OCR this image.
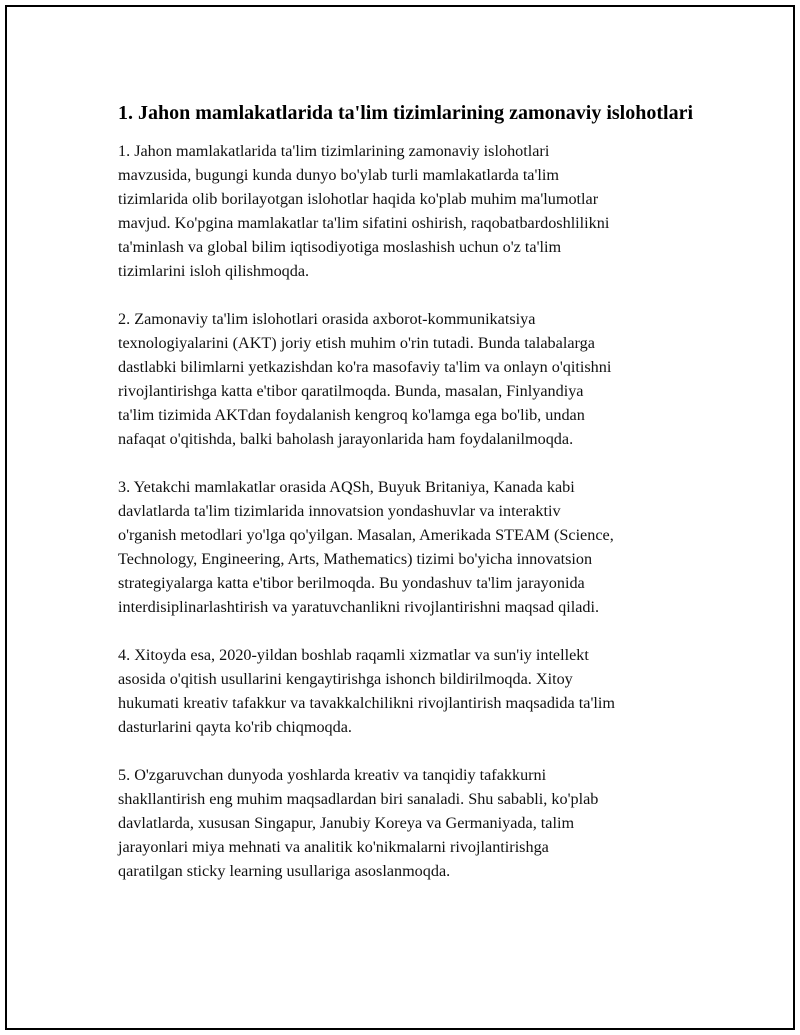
1. Jahon mamlakatlarida ta'lim tizimlarining zamonaviy islohotlari

1. Jahon mamlakatlarida ta'lim tizimlarining zamonaviy islohotlari
mavzusida, bugungi kunda dunyo bo'ylab turli mamlakatlarda ta'lim
tizimlarida olib borilayotgan islohotlar haqida ko'plab muhim ma'lumotlar
mavjud. Ko'pgina mamlakatlar ta'lim sifatini oshirish, raqobatbardoshlilikni
ta'minlash va global bilim iqtisodiyotiga moslashish uchun o'z ta'lim
tizimlarini isloh qilishmoqda.

2. Zamonaviy ta'lim islohotlari orasida axborot-kommunikatsiya
texnologiyalarini (AKT) joriy etish muhim o'rin tutadi. Bunda talabalarga
dastlabki bilimlarni yetkazishdan ko'ra masofaviy ta'lim va onlayn o'qitishni
rivojlantirishga katta e'tibor qaratilmoqda. Bunda, masalan, Finlyandiya
ta'lim tizimida AKTdan foydalanish kengroq ko'lamga ega bo'lib, undan
nafaqat o'qitishda, balki baholash jarayonlarida ham foydalanilmoqda.

3. Yetakchi mamlakatlar orasida AQSh, Buyuk Britaniya, Kanada kabi
davlatlarda ta'lim tizimlarida innovatsion yondashuvlar va interaktiv
o'rganish metodlari yo'lga qo'yilgan. Masalan, Amerikada STEAM (Science,
Technology, Engineering, Arts, Mathematics) tizimi bo'yicha innovatsion
strategiyalarga katta e'tibor berilmoqda. Bu yondashuv ta'lim jarayonida
interdisiplinarlashtirish va yaratuvchanlikni rivojlantirishni maqsad qiladi.

4. Xitoyda esa, 2020-yildan boshlab raqamli xizmatlar va sun'iy intellekt
asosida o'qitish usullarini kengaytirishga ishonch bildirilmoqda. Xitoy
hukumati kreativ tafakkur va tavakkalchilikni rivojlantirish maqsadida ta'lim
dasturlarini qayta ko'rib chiqmoqda.

5. O'zgaruvchan dunyoda yoshlarda kreativ va tanqidiy tafakkurni
shakllantirish eng muhim maqsadlardan biri sanaladi. Shu sababli, ko'plab
davlatlarda, xususan Singapur, Janubiy Koreya va Germaniyada, talim
jarayonlari miya mehnati va analitik ko'nikmalarni rivojlantirishga
qaratilgan sticky learning usullariga asoslanmoqda.
